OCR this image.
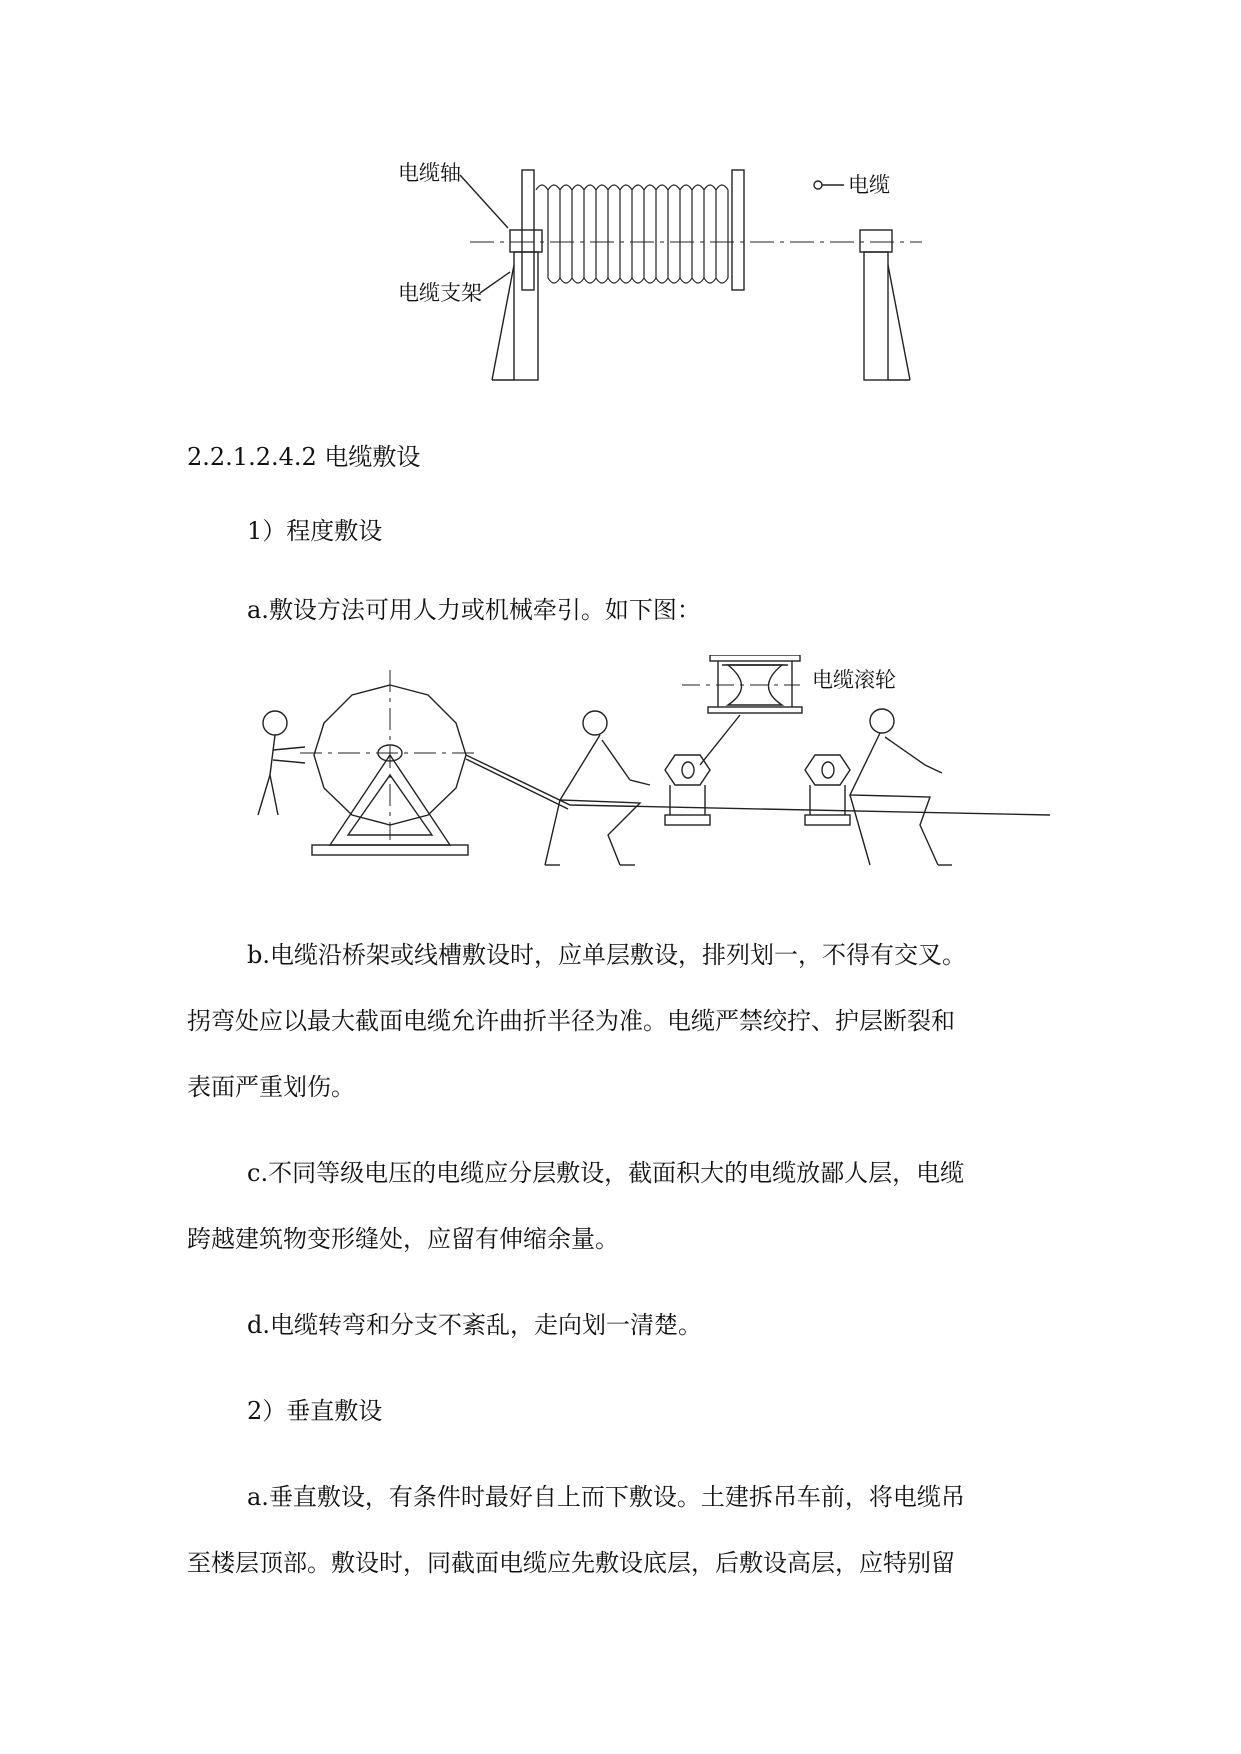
电缆轴	电缆
电缆支架
2.2.1.2.4.2 电缆敷设
1）程度敷设
a.敷设方法可用人力或机械牵引。如下图：
电缆滚轮
b.电缆沿桥架或线槽敷设时，应单层敷设，排列划一，不得有交叉。
拐弯处应以最大截面电缆允许曲折半径为准。电缆严禁绞拧、护层断裂和
表面严重划伤。
c.不同等级电压的电缆应分层敷设，截面积大的电缆放鄙人层，电缆
跨越建筑物变形缝处，应留有伸缩余量。
d.电缆转弯和分支不紊乱，走向划一清楚。
2）垂直敷设
a.垂直敷设，有条件时最好自上而下敷设。土建拆吊车前，将电缆吊
至楼层顶部。敷设时，同截面电缆应先敷设底层，后敷设高层，应特别留
